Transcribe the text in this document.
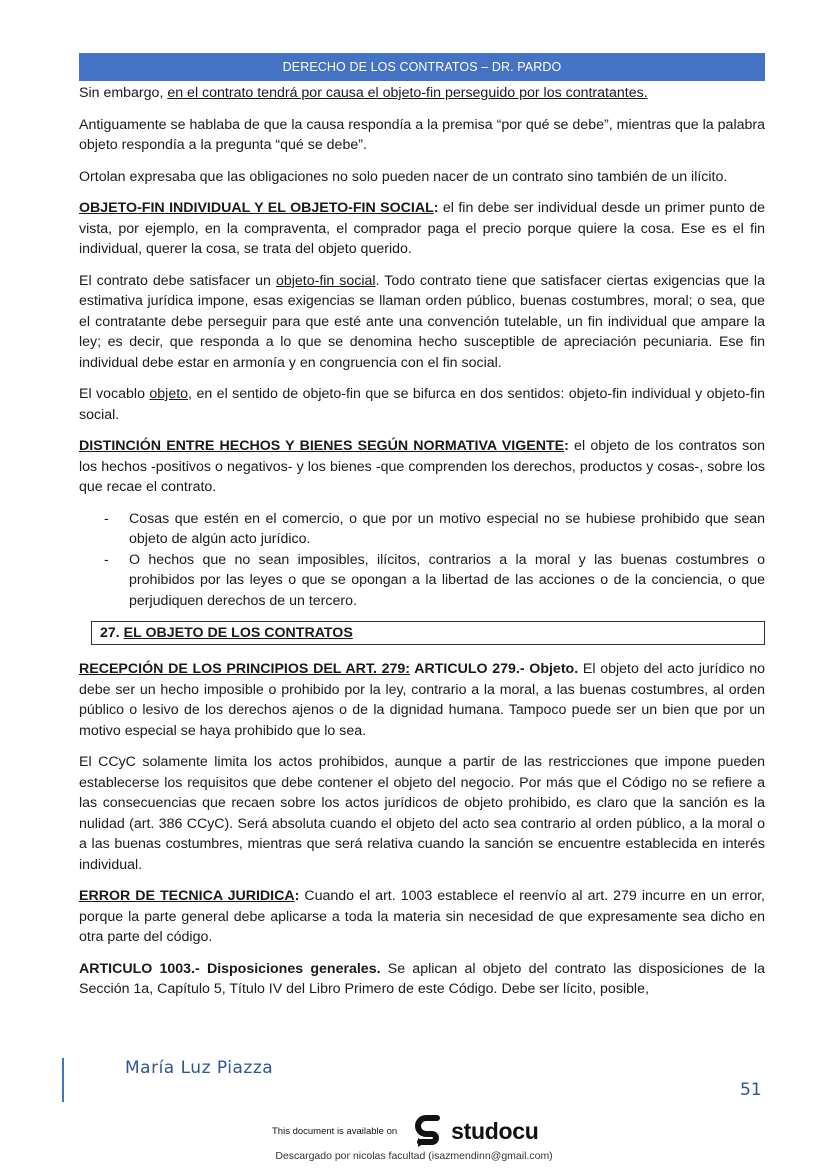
DERECHO DE LOS CONTRATOS – DR. PARDO

Sin embargo, en el contrato tendrá por causa el objeto-fin perseguido por los contratantes.

Antiguamente se hablaba de que la causa respondía a la premisa “por qué se debe”, mientras que la palabra objeto respondía a la pregunta “qué se debe”.

Ortolan expresaba que las obligaciones no solo pueden nacer de un contrato sino también de un ilícito.

OBJETO-FIN INDIVIDUAL Y EL OBJETO-FIN SOCIAL: el fin debe ser individual desde un primer punto de vista, por ejemplo, en la compraventa, el comprador paga el precio porque quiere la cosa. Ese es el fin individual, querer la cosa, se trata del objeto querido.

El contrato debe satisfacer un objeto-fin social. Todo contrato tiene que satisfacer ciertas exigencias que la estimativa jurídica impone, esas exigencias se llaman orden público, buenas costumbres, moral; o sea, que el contratante debe perseguir para que esté ante una convención tutelable, un fin individual que ampare la ley; es decir, que responda a lo que se denomina hecho susceptible de apreciación pecuniaria. Ese fin individual debe estar en armonía y en congruencia con el fin social.

El vocablo objeto, en el sentido de objeto-fin que se bifurca en dos sentidos: objeto-fin individual y objeto-fin social.

DISTINCIÓN ENTRE HECHOS Y BIENES SEGÚN NORMATIVA VIGENTE: el objeto de los contratos son los hechos -positivos o negativos- y los bienes -que comprenden los derechos, productos y cosas-, sobre los que recae el contrato.

- Cosas que estén en el comercio, o que por un motivo especial no se hubiese prohibido que sean objeto de algún acto jurídico.
- O hechos que no sean imposibles, ilícitos, contrarios a la moral y las buenas costumbres o prohibidos por las leyes o que se opongan a la libertad de las acciones o de la conciencia, o que perjudiquen derechos de un tercero.
27. EL OBJETO DE LOS CONTRATOS

RECEPCIÓN DE LOS PRINCIPIOS DEL ART. 279: ARTICULO 279.- Objeto. El objeto del acto jurídico no debe ser un hecho imposible o prohibido por la ley, contrario a la moral, a las buenas costumbres, al orden público o lesivo de los derechos ajenos o de la dignidad humana. Tampoco puede ser un bien que por un motivo especial se haya prohibido que lo sea.

El CCyC solamente limita los actos prohibidos, aunque a partir de las restricciones que impone pueden establecerse los requisitos que debe contener el objeto del negocio. Por más que el Código no se refiere a las consecuencias que recaen sobre los actos jurídicos de objeto prohibido, es claro que la sanción es la nulidad (art. 386 CCyC). Será absoluta cuando el objeto del acto sea contrario al orden público, a la moral o a las buenas costumbres, mientras que será relativa cuando la sanción se encuentre establecida en interés individual.

ERROR DE TECNICA JURIDICA: Cuando el art. 1003 establece el reenvío al art. 279 incurre en un error, porque la parte general debe aplicarse a toda la materia sin necesidad de que expresamente sea dicho en otra parte del código.

ARTICULO 1003.- Disposiciones generales. Se aplican al objeto del contrato las disposiciones de la Sección 1a, Capítulo 5, Título IV del Libro Primero de este Código. Debe ser lícito, posible,

María Luz Piazza
51
This document is available on studocu
Descargado por nicolas facultad (isazmendinn@gmail.com)
